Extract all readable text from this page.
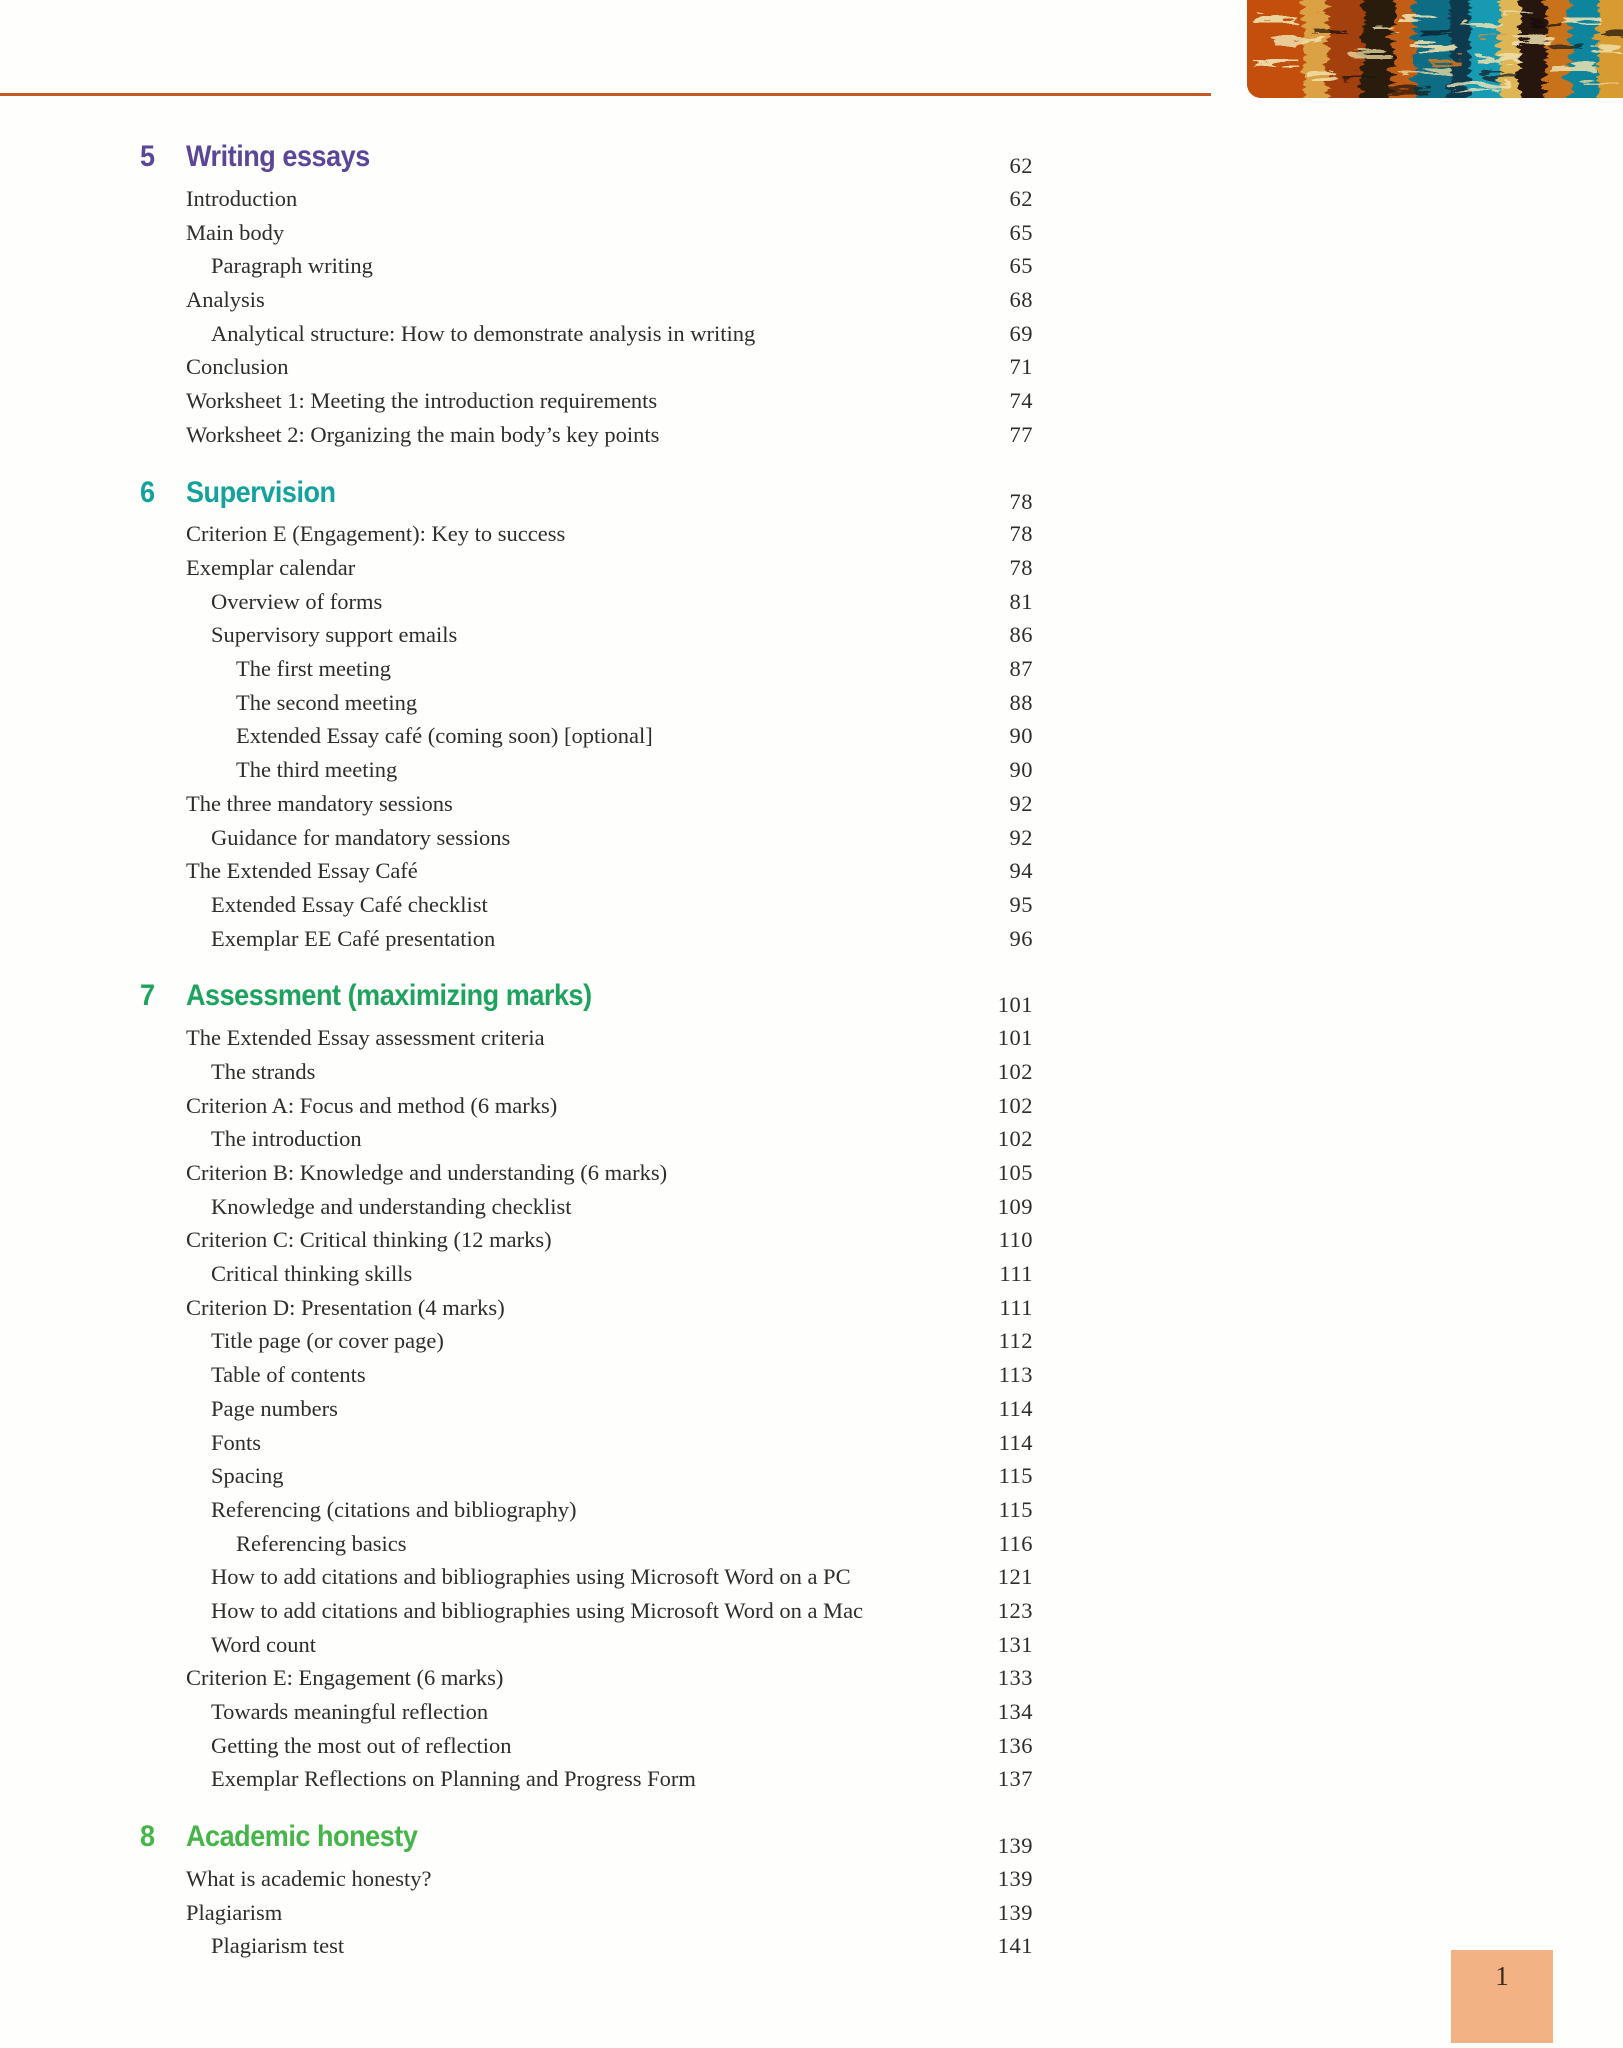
5 Writing essays	62
Introduction	62
Main body	65
Paragraph writing	65
Analysis	68
Analytical structure: How to demonstrate analysis in writing	69
Conclusion	71
Worksheet 1: Meeting the introduction requirements	74
Worksheet 2: Organizing the main body’s key points	77
6 Supervision	78
Criterion E (Engagement): Key to success	78
Exemplar calendar	78
Overview of forms	81
Supervisory support emails	86
The first meeting	87
The second meeting	88
Extended Essay café (coming soon) [optional]	90
The third meeting	90
The three mandatory sessions	92
Guidance for mandatory sessions	92
The Extended Essay Café	94
Extended Essay Café checklist	95
Exemplar EE Café presentation	96
7 Assessment (maximizing marks)	101
The Extended Essay assessment criteria	101
The strands	102
Criterion A: Focus and method (6 marks)	102
The introduction	102
Criterion B: Knowledge and understanding (6 marks)	105
Knowledge and understanding checklist	109
Criterion C: Critical thinking (12 marks)	110
Critical thinking skills	111
Criterion D: Presentation (4 marks)	111
Title page (or cover page)	112
Table of contents	113
Page numbers	114
Fonts	114
Spacing	115
Referencing (citations and bibliography)	115
Referencing basics	116
How to add citations and bibliographies using Microsoft Word on a PC	121
How to add citations and bibliographies using Microsoft Word on a Mac	123
Word count	131
Criterion E: Engagement (6 marks)	133
Towards meaningful reflection	134
Getting the most out of reflection	136
Exemplar Reflections on Planning and Progress Form	137
8 Academic honesty	139
What is academic honesty?	139
Plagiarism	139
Plagiarism test	141
1
